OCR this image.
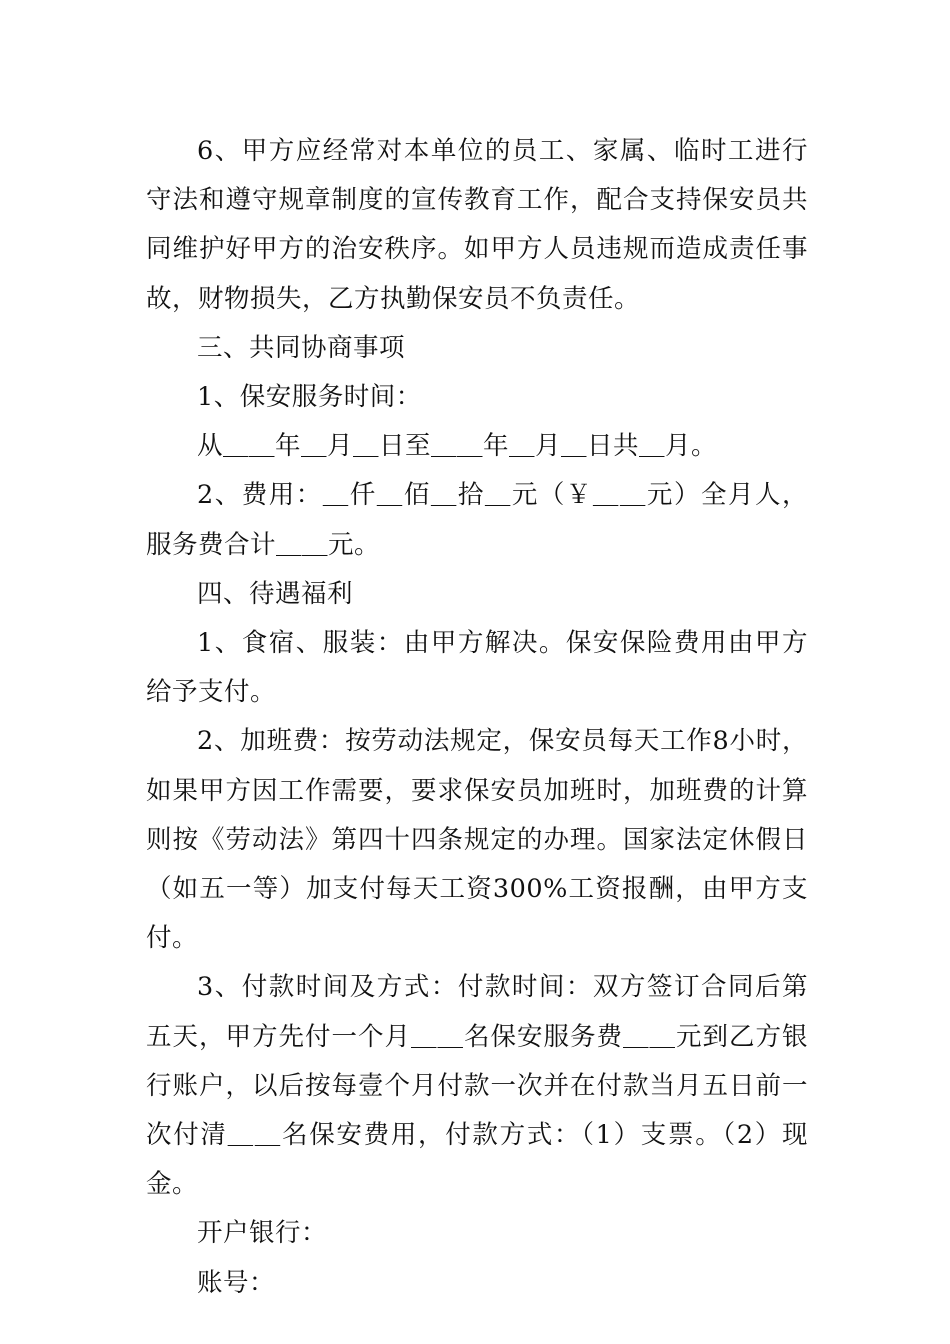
6、甲方应经常对本单位的员工、家属、临时工进行守法和遵守规章制度的宣传教育工作，配合支持保安员共同维护好甲方的治安秩序。如甲方人员违规而造成责任事故，财物损失，乙方执勤保安员不负责任。

三、共同协商事项

1、保安服务时间：

从＿＿年＿月＿日至＿＿年＿月＿日共＿月。

2、费用：＿仟＿佰＿拾＿元（￥＿＿元）全月人，服务费合计＿＿元。

四、待遇福利

1、食宿、服装：由甲方解决。保安保险费用由甲方给予支付。

2、加班费：按劳动法规定，保安员每天工作8小时，如果甲方因工作需要，要求保安员加班时，加班费的计算则按《劳动法》第四十四条规定的办理。国家法定休假日（如五一等）加支付每天工资300%工资报酬，由甲方支付。

3、付款时间及方式：付款时间：双方签订合同后第五天，甲方先付一个月＿＿名保安服务费＿＿元到乙方银行账户，以后按每壹个月付款一次并在付款当月五日前一次付清＿＿名保安费用，付款方式：（1）支票。（2）现金。

开户银行：

账号：
